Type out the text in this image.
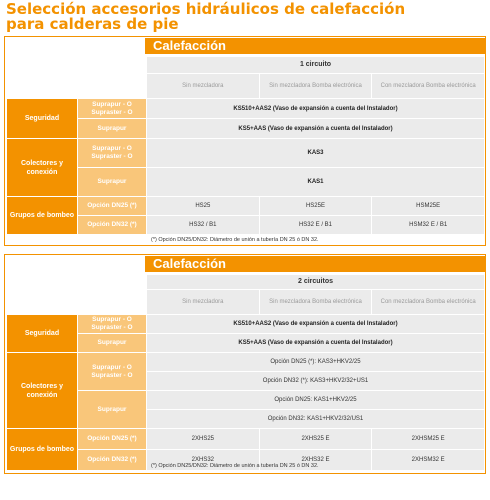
Selección accesorios hidráulicos de calefacción
para calderas de pie
Calefacción
		1 circuito		
		Sin mezcladora	Sin mezcladora Bomba electrónica	Con mezcladora Bomba electrónica
Seguridad	Suprapur - O Supraster - O	KS510+AAS2 (Vaso de expansión a cuenta del Instalador)		
	Suprapur	KS5+AAS (Vaso de expansión a cuenta del Instalador)		
Colectores y conexión	Suprapur - O Supraster - O	KAS3		
	Suprapur	KAS1		
Grupos de bombeo	Opción DN25 (*)	HS25	HS25E	HSM25E
	Opción DN32 (*)	HS32 / B1	HS32 E / B1	HSM32 E / B1
(*) Opción DN25/DN32: Diámetro de unión a tubería DN 25 ó DN 32.
Calefacción
		2 circuitos		
		Sin mezcladora	Sin mezcladora Bomba electrónica	Con mezcladora Bomba electrónica
Seguridad	Suprapur - O Supraster - O	KS510+AAS2 (Vaso de expansión a cuenta del Instalador)		
	Suprapur	KS5+AAS (Vaso de expansión a cuenta del Instalador)		
Colectores y conexión	Suprapur - O Supraster - O	Opción DN25 (*): KAS3+HKV2/25		
		Opción DN32 (*): KAS3+HKV2/32+US1		
	Suprapur	Opción DN25: KAS1+HKV2/25		
		Opción DN32: KAS1+HKV2/32/US1		
Grupos de bombeo	Opción DN25 (*)	2XHS25	2XHS25 E	2XHSM25 E
	Opción DN32 (*)	2XHS32	2XHS32 E	2XHSM32 E
(*) Opción DN25/DN32: Diámetro de unión a tubería DN 25 ó DN 32.
